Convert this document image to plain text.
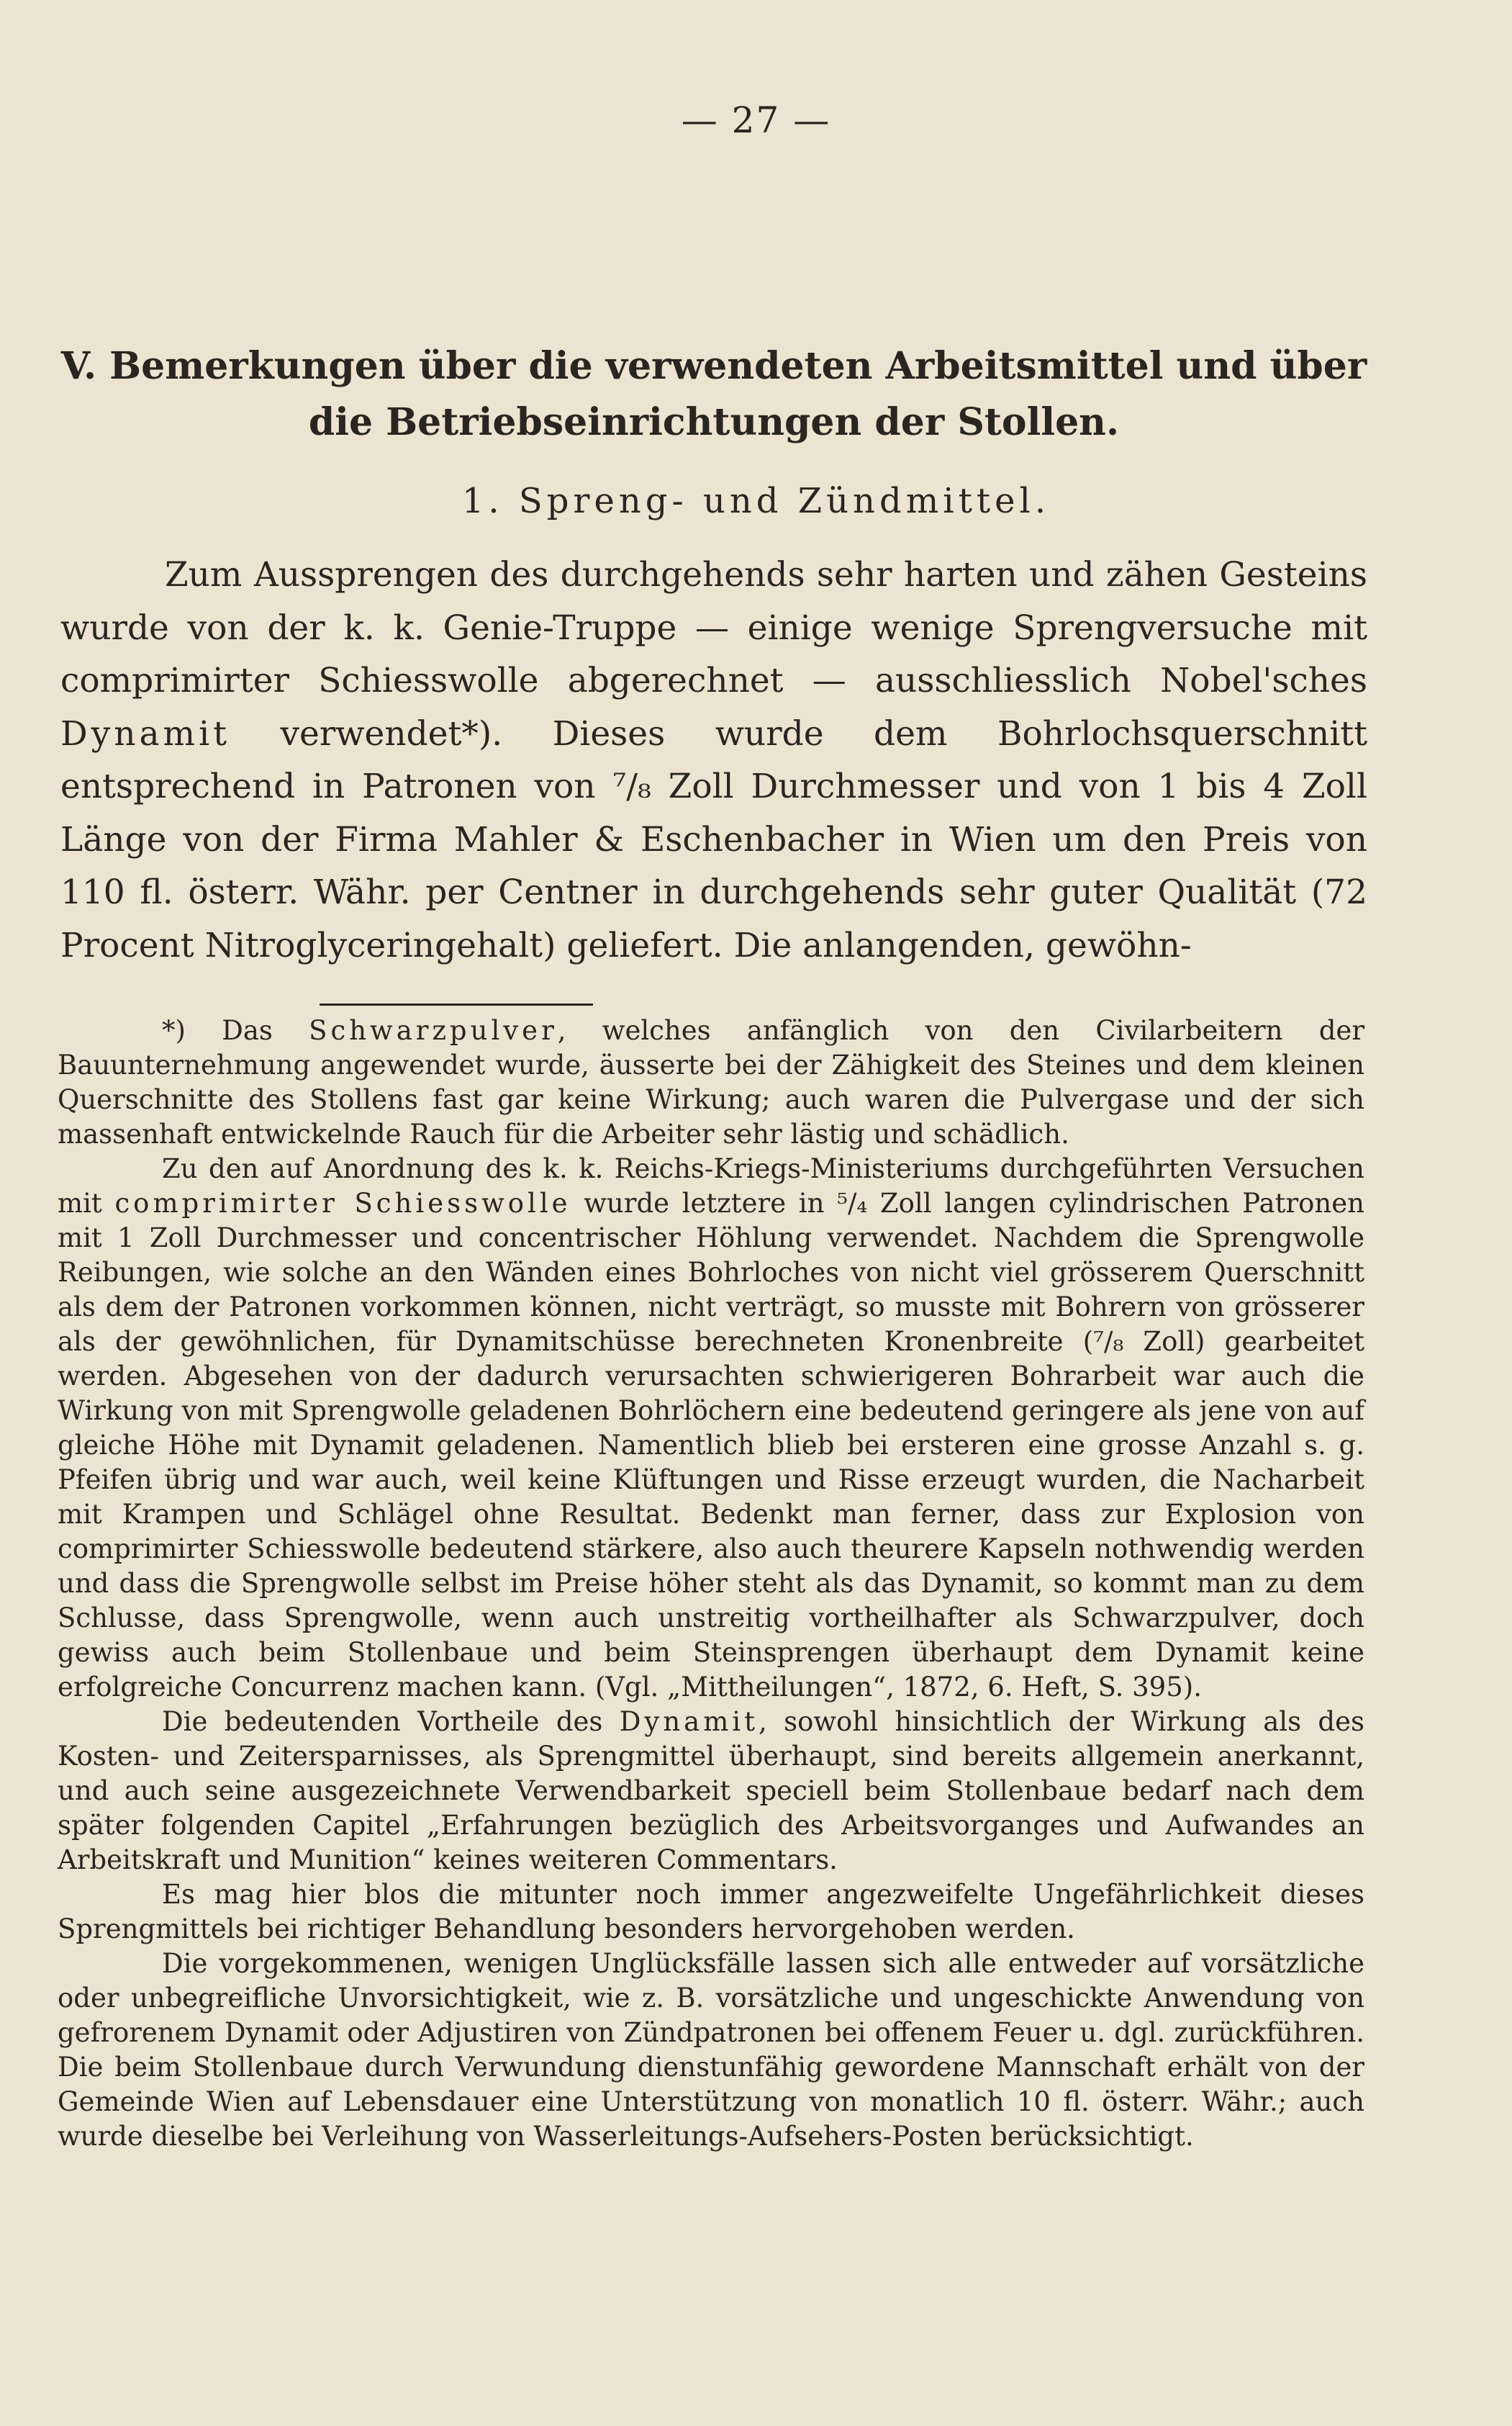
— 27 —
V. Bemerkungen über die verwendeten Arbeitsmittel und über die Betriebseinrichtungen der Stollen.
1. Spreng- und Zündmittel.

Zum Aussprengen des durchgehends sehr harten und zähen Gesteins wurde von der k. k. Genie-Truppe — einige wenige Sprengversuche mit comprimirter Schiesswolle abgerechnet — ausschliesslich Nobel'sches Dynamit verwendet*). Dieses wurde dem Bohrlochsquerschnitt entsprechend in Patronen von ⁷/₈ Zoll Durchmesser und von 1 bis 4 Zoll Länge von der Firma Mahler & Eschenbacher in Wien um den Preis von 110 fl. österr. Währ. per Centner in durchgehends sehr guter Qualität (72 Procent Nitroglyceringehalt) geliefert. Die anlangenden, gewöhn-

*) Das Schwarzpulver, welches anfänglich von den Civilarbeitern der Bauunternehmung angewendet wurde, äusserte bei der Zähigkeit des Steines und dem kleinen Querschnitte des Stollens fast gar keine Wirkung; auch waren die Pulvergase und der sich massenhaft entwickelnde Rauch für die Arbeiter sehr lästig und schädlich.

Zu den auf Anordnung des k. k. Reichs-Kriegs-Ministeriums durchgeführten Versuchen mit comprimirter Schiesswolle wurde letztere in ⁵/₄ Zoll langen cylindrischen Patronen mit 1 Zoll Durchmesser und concentrischer Höhlung verwendet. Nachdem die Sprengwolle Reibungen, wie solche an den Wänden eines Bohrloches von nicht viel grösserem Querschnitt als dem der Patronen vorkommen können, nicht verträgt, so musste mit Bohrern von grösserer als der gewöhnlichen, für Dynamitschüsse berechneten Kronenbreite (⁷/₈ Zoll) gearbeitet werden. Abgesehen von der dadurch verursachten schwierigeren Bohrarbeit war auch die Wirkung von mit Sprengwolle geladenen Bohrlöchern eine bedeutend geringere als jene von auf gleiche Höhe mit Dynamit geladenen. Namentlich blieb bei ersteren eine grosse Anzahl s. g. Pfeifen übrig und war auch, weil keine Klüftungen und Risse erzeugt wurden, die Nacharbeit mit Krampen und Schlägel ohne Resultat. Bedenkt man ferner, dass zur Explosion von comprimirter Schiesswolle bedeutend stärkere, also auch theurere Kapseln nothwendig werden und dass die Sprengwolle selbst im Preise höher steht als das Dynamit, so kommt man zu dem Schlusse, dass Sprengwolle, wenn auch unstreitig vortheilhafter als Schwarzpulver, doch gewiss auch beim Stollenbaue und beim Steinsprengen überhaupt dem Dynamit keine erfolgreiche Concurrenz machen kann. (Vgl. „Mittheilungen“, 1872, 6. Heft, S. 395).

Die bedeutenden Vortheile des Dynamit, sowohl hinsichtlich der Wirkung als des Kosten- und Zeitersparnisses, als Sprengmittel überhaupt, sind bereits allgemein anerkannt, und auch seine ausgezeichnete Verwendbarkeit speciell beim Stollenbaue bedarf nach dem später folgenden Capitel „Erfahrungen bezüglich des Arbeitsvorganges und Aufwandes an Arbeitskraft und Munition“ keines weiteren Commentars.

Es mag hier blos die mitunter noch immer angezweifelte Ungefährlichkeit dieses Sprengmittels bei richtiger Behandlung besonders hervorgehoben werden.

Die vorgekommenen, wenigen Unglücksfälle lassen sich alle entweder auf vorsätzliche oder unbegreifliche Unvorsichtigkeit, wie z. B. vorsätzliche und ungeschickte Anwendung von gefrorenem Dynamit oder Adjustiren von Zündpatronen bei offenem Feuer u. dgl. zurückführen. Die beim Stollenbaue durch Verwundung dienstunfähig gewordene Mannschaft erhält von der Gemeinde Wien auf Lebensdauer eine Unterstützung von monatlich 10 fl. österr. Währ.; auch wurde dieselbe bei Verleihung von Wasserleitungs-Aufsehers-Posten berücksichtigt.
